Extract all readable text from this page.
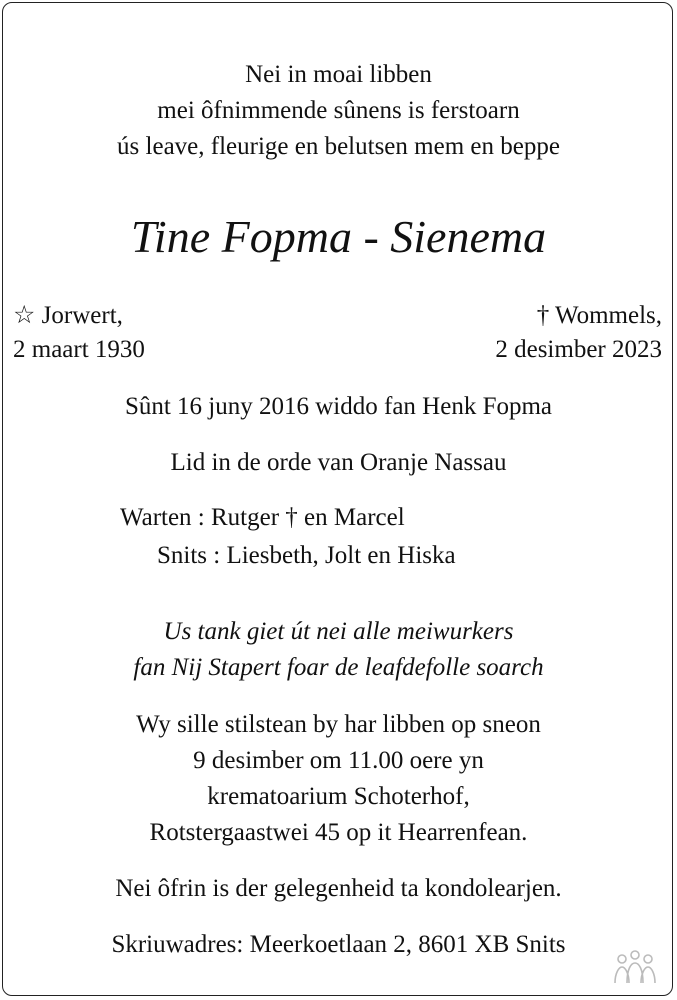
Nei in moai libben
mei ôfnimmende sûnens is ferstoarn
ús leave, fleurige en belutsen mem en beppe
Tine Fopma - Sienema
☆ Jorwert,
2 maart 1930
† Wommels,
2 desimber 2023
Sûnt 16 juny 2016 widdo fan Henk Fopma
Lid in de orde van Oranje Nassau
Warten : Rutger † en Marcel
Snits : Liesbeth, Jolt en Hiska
Us tank giet út nei alle meiwurkers
fan Nij Stapert foar de leafdefolle soarch
Wy sille stilstean by har libben op sneon
9 desimber om 11.00 oere yn
krematoarium Schoterhof,
Rotstergaastwei 45 op it Hearrenfean.
Nei ôfrin is der gelegenheid ta kondolearjen.
Skriuwadres: Meerkoetlaan 2, 8601 XB Snits
